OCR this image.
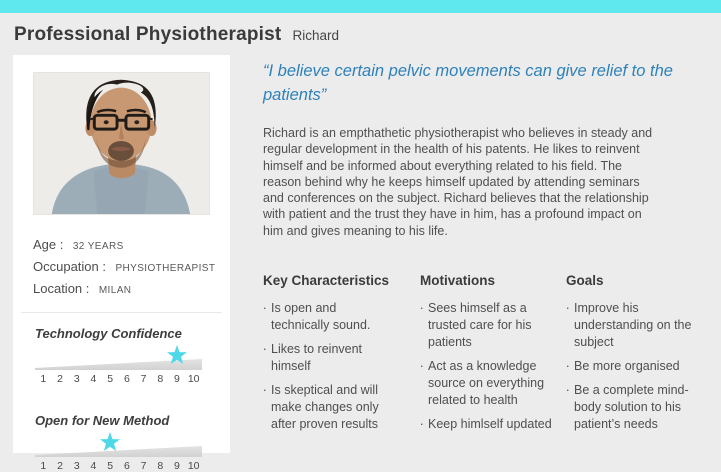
Professional Physiotherapist Richard
Age : 32 YEARS
Occupation : PHYSIOTHERAPIST
Location : MILAN
Technology Confidence
1	2	3	4	5	6	7	8	9 10
Open for New Method
1	2	3	4	5	6	7	8	9 10
“I believe certain pelvic movements can give relief to the patients”
Richard is an empthathetic physiotherapist who believes in steady and regular development in the health of his patents. He likes to reinvent himself and be informed about everything related to his field. The reason behind why he keeps himself updated by attending seminars and conferences on the subject. Richard believes that the relationship with patient and the trust they have in him, has a profound impact on him and gives meaning to his life.
Key Characteristics
. Is open and technically sound.
. Likes to reinvent himself
. Is skeptical and will make changes only after proven results
Motivations
. Sees himself as a trusted care for his patients
. Act as a knowledge source on everything related to health
. Keep himlself updated
Goals
. Improve his understanding on the subject
. Be more organised
. Be a complete mind-body solution to his patient’s needs
